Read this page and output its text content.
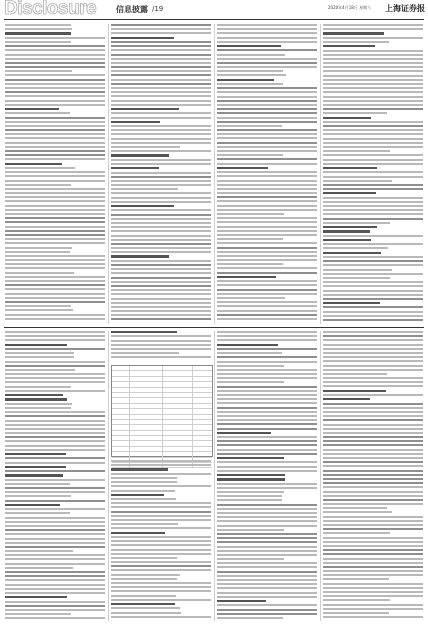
Disclosure 信息披露 /19	2020年4月18日 星期六 上海证券报
